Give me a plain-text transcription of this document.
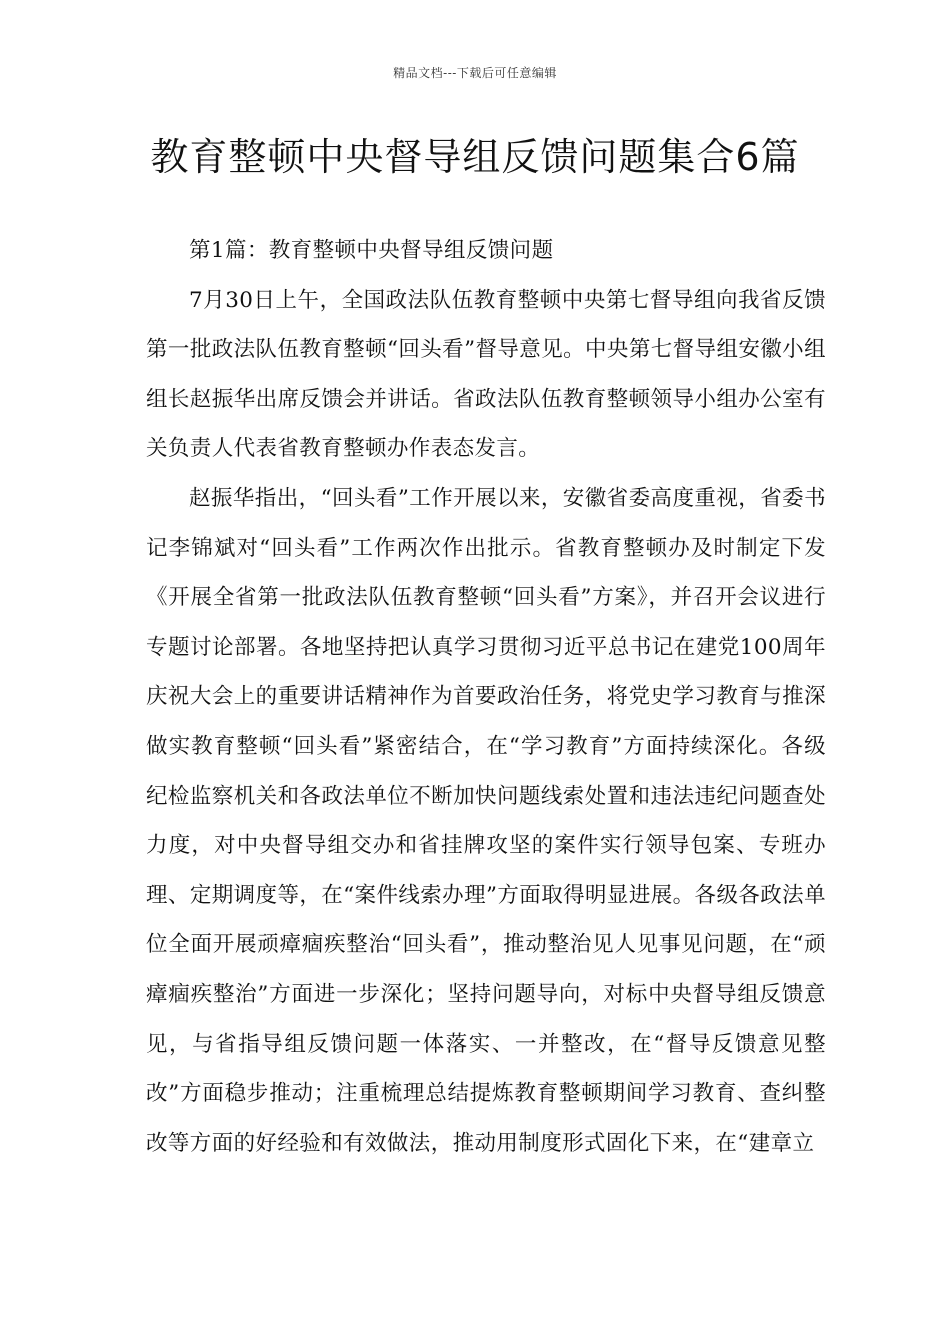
精品文档---下载后可任意编辑
教育整顿中央督导组反馈问题集合6篇

第1篇：教育整顿中央督导组反馈问题

7月30日上午，全国政法队伍教育整顿中央第七督导组向我省反馈第一批政法队伍教育整顿“回头看”督导意见。中央第七督导组安徽小组组长赵振华出席反馈会并讲话。省政法队伍教育整顿领导小组办公室有关负责人代表省教育整顿办作表态发言。

赵振华指出，“回头看”工作开展以来，安徽省委高度重视，省委书记李锦斌对“回头看”工作两次作出批示。省教育整顿办及时制定下发《开展全省第一批政法队伍教育整顿“回头看”方案》，并召开会议进行专题讨论部署。各地坚持把认真学习贯彻习近平总书记在建党100周年庆祝大会上的重要讲话精神作为首要政治任务，将党史学习教育与推深做实教育整顿“回头看”紧密结合，在“学习教育”方面持续深化。各级纪检监察机关和各政法单位不断加快问题线索处置和违法违纪问题查处力度，对中央督导组交办和省挂牌攻坚的案件实行领导包案、专班办理、定期调度等，在“案件线索办理”方面取得明显进展。各级各政法单位全面开展顽瘴痼疾整治“回头看”，推动整治见人见事见问题，在“顽瘴痼疾整治”方面进一步深化；坚持问题导向，对标中央督导组反馈意见，与省指导组反馈问题一体落实、一并整改，在“督导反馈意见整改”方面稳步推动；注重梳理总结提炼教育整顿期间学习教育、查纠整改等方面的好经验和有效做法，推动用制度形式固化下来，在“建章立
